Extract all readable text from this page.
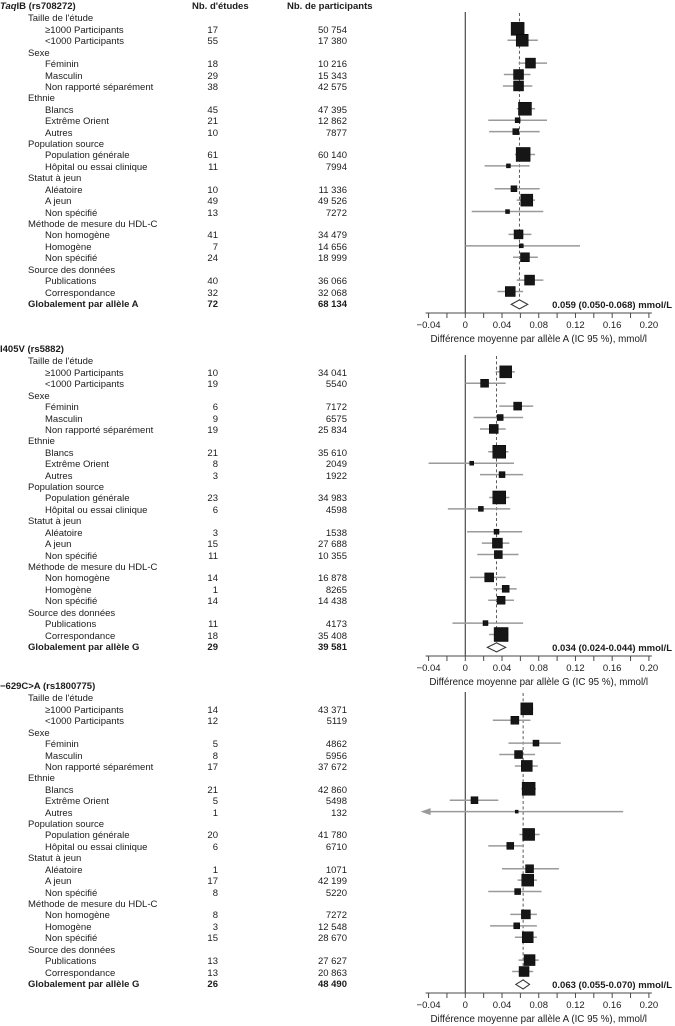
Nb. d'études	Nb. de participants
−0.04 0	0.04 0.08 0.12 0.16 0.20
Différence moyenne par allèle A (IC 95 %), mmol/l
0.059 (0.050-0.068) mmol/L
−0.04 0	0.04 0.08 0.12 0.16 0.20
Différence moyenne par allèle G (IC 95 %), mmol/l
0.034 (0.024-0.044) mmol/L
−0.04 0	0.04 0.08 0.12 0.16 0.20
Différence moyenne par allèle A (IC 95 %), mmol/l
0.063 (0.055-0.070) mmol/L
TaqIB (rs708272)
Taille de l'étude
≥1000 Participants	17	50 754
<1000 Participants	55	17 380
Sexe
Féminin	18	10 216
Masculin	29	15 343
Non rapporté séparément	38	42 575
Ethnie
Blancs	45	47 395
Extrême Orient	21	12 862
Autres	10	7877
Population source
Population générale	61	60 140
Hôpital ou essai clinique	11	7994
Statut à jeun
Aléatoire	10	11 336
A jeun	49	49 526
Non spécifié	13	7272
Méthode de mesure du HDL-C
Non homogène	41	34 479
Homogène	7	14 656
Non spécifié	24	18 999
Source des données
Publications	40	36 066
Correspondance	32	32 068
Globalement par allèle A	72	68 134
I405V (rs5882)
Taille de l'étude
≥1000 Participants	10	34 041
<1000 Participants	19	5540
Sexe
Féminin	6	7172
Masculin	9	6575
Non rapporté séparément	19	25 834
Ethnie
Blancs	21	35 610
Extrême Orient	8	2049
Autres	3	1922
Population source
Population générale	23	34 983
Hôpital ou essai clinique	6	4598
Statut à jeun
Aléatoire	3	1538
A jeun	15	27 688
Non spécifié	11	10 355
Méthode de mesure du HDL-C
Non homogène	14	16 878
Homogène	1	8265
Non spécifié	14	14 438
Source des données
Publications	11	4173
Correspondance	18	35 408
Globalement par allèle G	29	39 581
−629C>A (rs1800775)
Taille de l'étude
≥1000 Participants	14	43 371
<1000 Participants	12	5119
Sexe
Féminin	5	4862
Masculin	8	5956
Non rapporté séparément	17	37 672
Ethnie
Blancs	21	42 860
Extrême Orient	5	5498
Autres	1	132
Population source
Population générale	20	41 780
Hôpital ou essai clinique	6	6710
Statut à jeun
Aléatoire	1	1071
A jeun	17	42 199
Non spécifié	8	5220
Méthode de mesure du HDL-C
Non homogène	8	7272
Homogène	3	12 548
Non spécifié	15	28 670
Source des données
Publications	13	27 627
Correspondance	13	20 863
Globalement par allèle G	26	48 490
